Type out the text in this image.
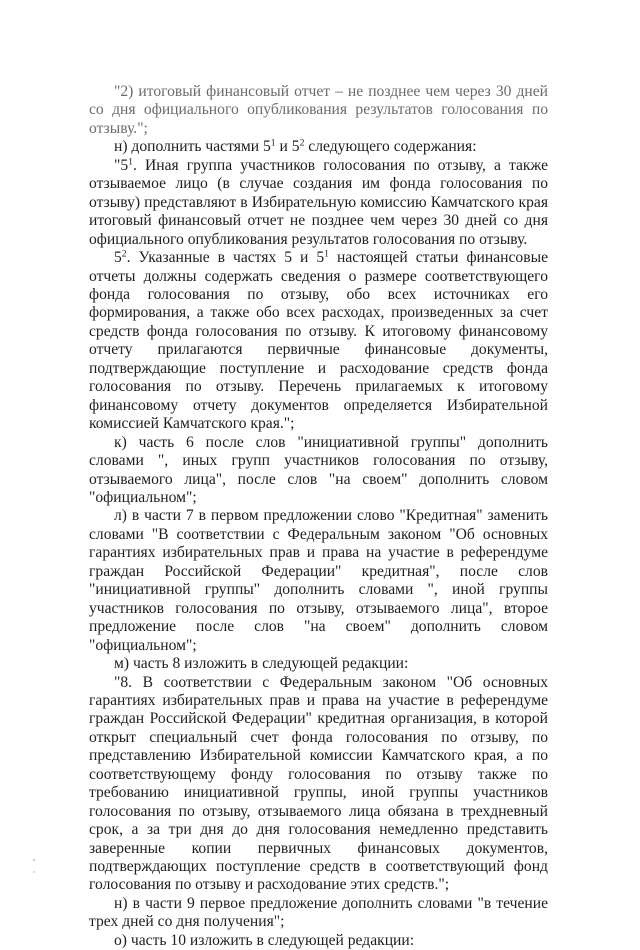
"2) итоговый финансовый отчет – не позднее чем через 30 дней со дня официального опубликования результатов голосования по отзыву.";

н) дополнить частями $5^1$ и $5^2$ следующего содержания:

"$5^1$. Иная группа участников голосования по отзыву, а также отзываемое лицо (в случае создания им фонда голосования по отзыву) представляют в Избирательную комиссию Камчатского края итоговый финансовый отчет не позднее чем через 30 дней со дня официального опубликования результатов голосования по отзыву.

$5^2$. Указанные в частях 5 и $5^1$ настоящей статьи финансовые отчеты должны содержать сведения о размере соответствующего фонда голосования по отзыву, обо всех источниках его формирования, а также обо всех расходах, произведенных за счет средств фонда голосования по отзыву. К итоговому финансовому отчету прилагаются первичные финансовые документы, подтверждающие поступление и расходование средств фонда голосования по отзыву. Перечень прилагаемых к итоговому финансовому отчету документов определяется Избирательной комиссией Камчатского края.";

к) часть 6 после слов "инициативной группы" дополнить словами ", иных групп участников голосования по отзыву, отзываемого лица", после слов "на своем" дополнить словом "официальном";

л) в части 7 в первом предложении слово "Кредитная" заменить словами "В соответствии с Федеральным законом "Об основных гарантиях избирательных прав и права на участие в референдуме граждан Российской Федерации" кредитная", после слов "инициативной группы" дополнить словами ", иной группы участников голосования по отзыву, отзываемого лица", второе предложение после слов "на своем" дополнить словом "официальном";

м) часть 8 изложить в следующей редакции:

"8. В соответствии с Федеральным законом "Об основных гарантиях избирательных прав и права на участие в референдуме граждан Российской Федерации" кредитная организация, в которой открыт специальный счет фонда голосования по отзыву, по представлению Избирательной комиссии Камчатского края, а по соответствующему фонду голосования по отзыву также по требованию инициативной группы, иной группы участников голосования по отзыву, отзываемого лица обязана в трехдневный срок, а за три дня до дня голосования немедленно представить заверенные копии первичных финансовых документов, подтверждающих поступление средств в соответствующий фонд голосования по отзыву и расходование этих средств.";

н) в части 9 первое предложение дополнить словами "в течение трех дней со дня получения";

о) часть 10 изложить в следующей редакции:
